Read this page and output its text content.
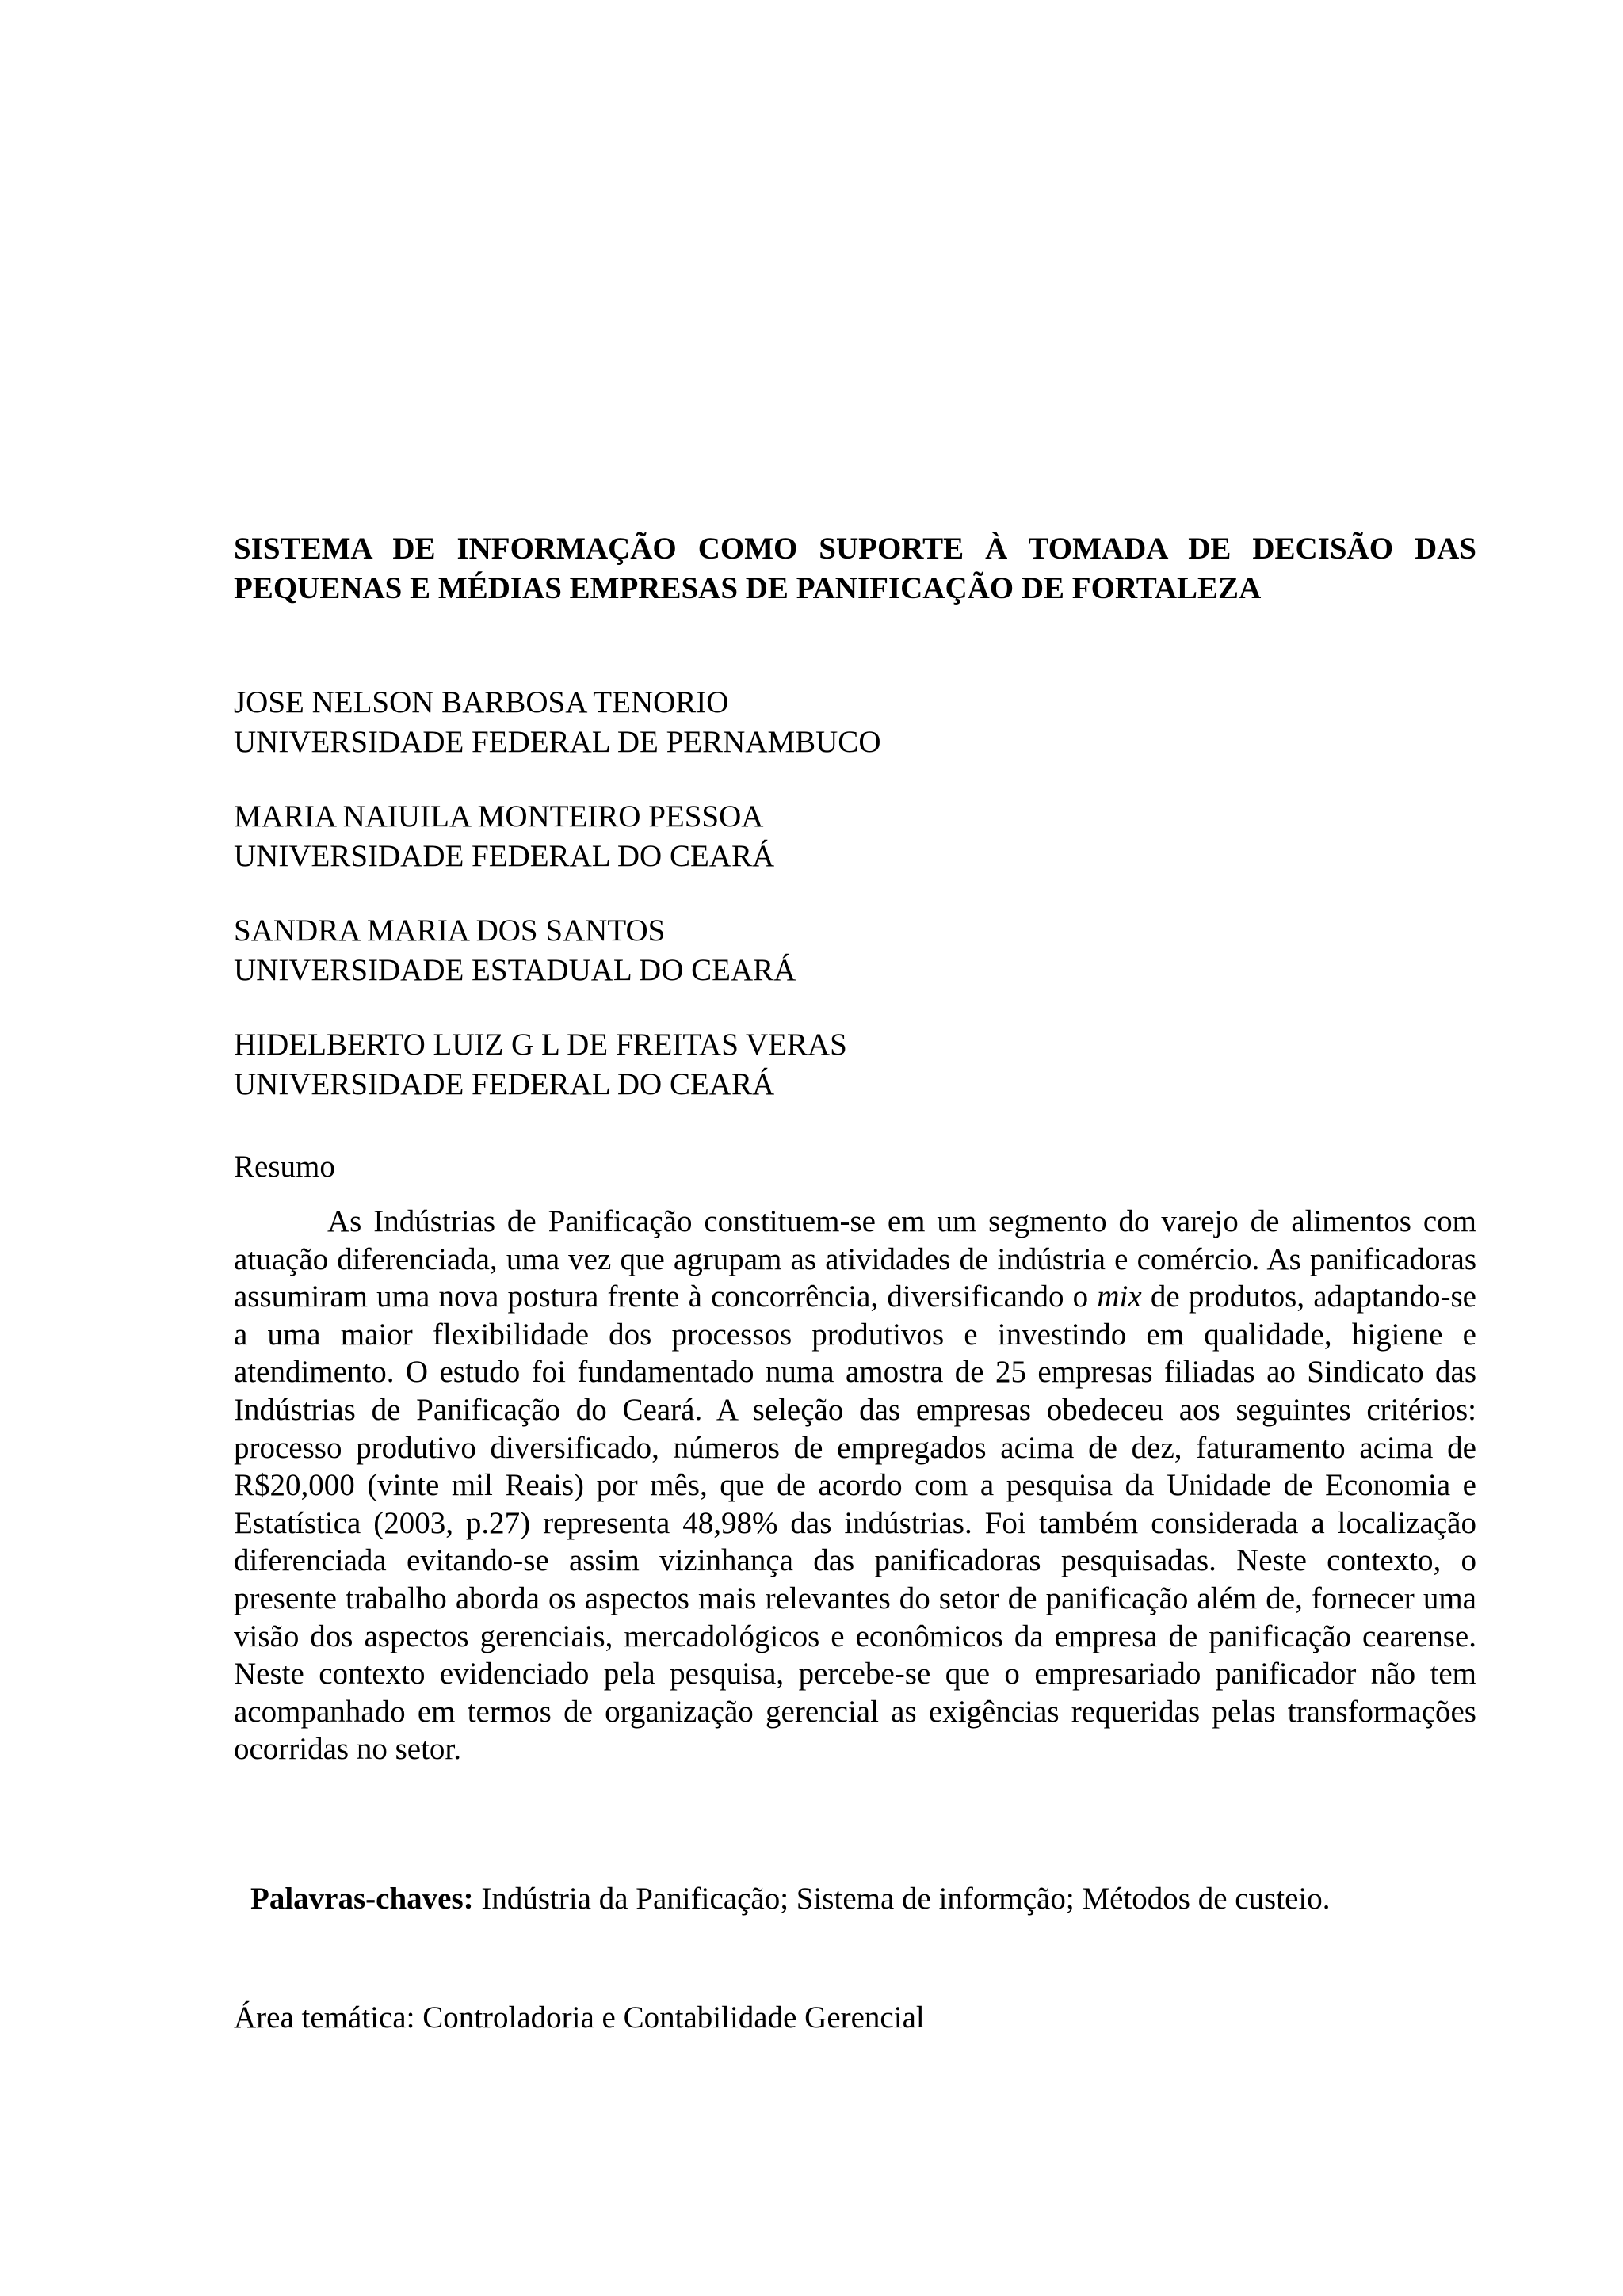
SISTEMA DE INFORMAÇÃO COMO SUPORTE À TOMADA DE DECISÃO DAS
PEQUENAS E MÉDIAS EMPRESAS DE PANIFICAÇÃO DE FORTALEZA
JOSE NELSON BARBOSA TENORIO
UNIVERSIDADE FEDERAL DE PERNAMBUCO
MARIA NAIUILA MONTEIRO PESSOA
UNIVERSIDADE FEDERAL DO CEARÁ
SANDRA MARIA DOS SANTOS
UNIVERSIDADE ESTADUAL DO CEARÁ
HIDELBERTO LUIZ G L DE FREITAS VERAS
UNIVERSIDADE FEDERAL DO CEARÁ
Resumo

As Indústrias de Panificação constituem-se em um segmento do varejo de alimentos com atuação diferenciada, uma vez que agrupam as atividades de indústria e comércio. As panificadoras assumiram uma nova postura frente à concorrência, diversificando o mix de produtos, adaptando-se a uma maior flexibilidade dos processos produtivos e investindo em qualidade, higiene e atendimento. O estudo foi fundamentado numa amostra de 25 empresas filiadas ao Sindicato das Indústrias de Panificação do Ceará. A seleção das empresas obedeceu aos seguintes critérios: processo produtivo diversificado, números de empregados acima de dez, faturamento acima de R$20,000 (vinte mil Reais) por mês, que de acordo com a pesquisa da Unidade de Economia e Estatística (2003, p.27) representa 48,98% das indústrias. Foi também considerada a localização diferenciada evitando-se assim vizinhança das panificadoras pesquisadas. Neste contexto, o presente trabalho aborda os aspectos mais relevantes do setor de panificação além de, fornecer uma visão dos aspectos gerenciais, mercadológicos e econômicos da empresa de panificação cearense. Neste contexto evidenciado pela pesquisa, percebe-se que o empresariado panificador não tem acompanhado em termos de organização gerencial as exigências requeridas pelas transformações ocorridas no setor.

Palavras-chaves: Indústria da Panificação; Sistema de informção; Métodos de custeio.

Área temática: Controladoria e Contabilidade Gerencial
